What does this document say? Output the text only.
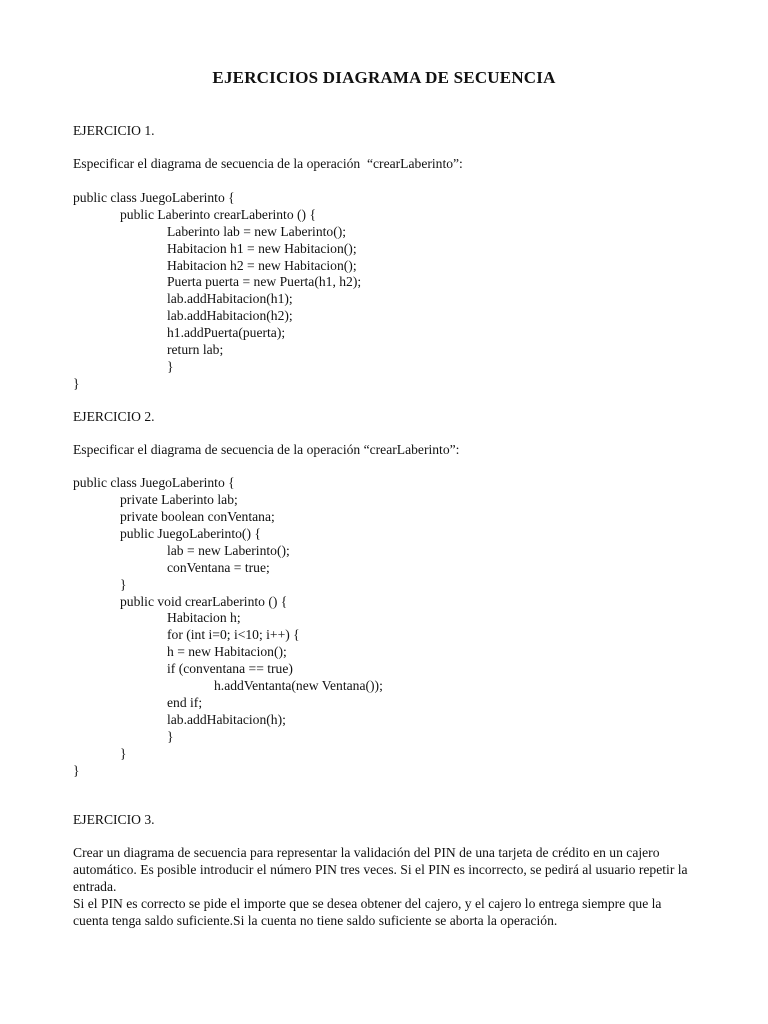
EJERCICIOS DIAGRAMA DE SECUENCIA
EJERCICIO 1.
Especificar el diagrama de secuencia de la operación  “crearLaberinto”:
public class JuegoLaberinto {
public Laberinto crearLaberinto () {
Laberinto lab = new Laberinto();
Habitacion h1 = new Habitacion();
Habitacion h2 = new Habitacion();
Puerta puerta = new Puerta(h1, h2);
lab.addHabitacion(h1);
lab.addHabitacion(h2);
h1.addPuerta(puerta);
return lab;
}
}
EJERCICIO 2.
Especificar el diagrama de secuencia de la operación “crearLaberinto”:
public class JuegoLaberinto {
private Laberinto lab;
private boolean conVentana;
public JuegoLaberinto() {
lab = new Laberinto();
conVentana = true;
}
public void crearLaberinto () {
Habitacion h;
for (int i=0; i<10; i++) {
h = new Habitacion();
if (conventana == true)
h.addVentanta(new Ventana());
end if;
lab.addHabitacion(h);
}
}
}
EJERCICIO 3.

Crear un diagrama de secuencia para representar la validación del PIN de una tarjeta de crédito en un cajero automático. Es posible introducir el número PIN tres veces. Si el PIN es incorrecto, se pedirá al usuario repetir la entrada.

Si el PIN es correcto se pide el importe que se desea obtener del cajero, y el cajero lo entrega siempre que la cuenta tenga saldo suficiente.Si la cuenta no tiene saldo suficiente se aborta la operación.
